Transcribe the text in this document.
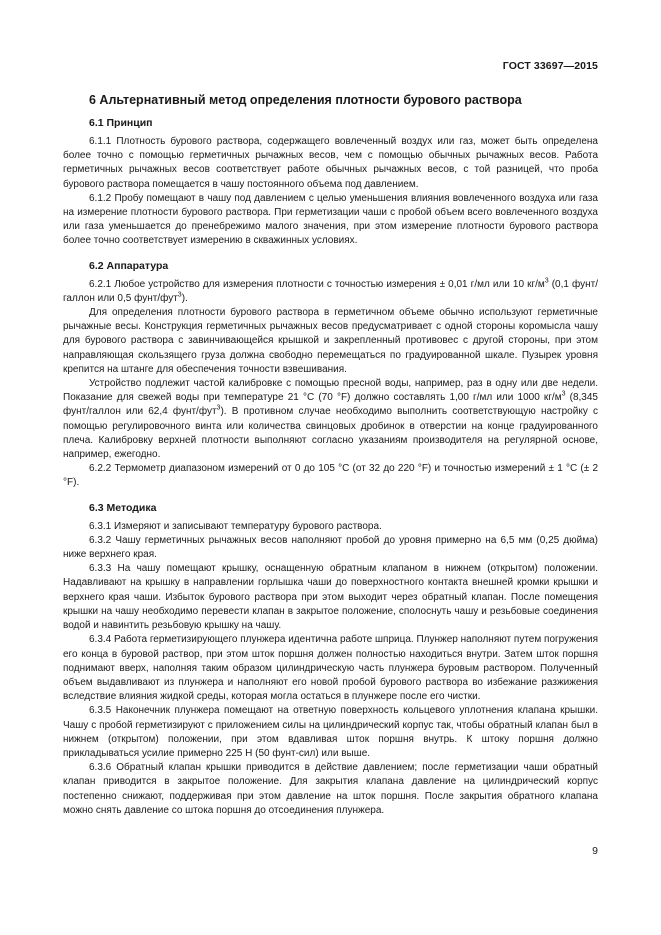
ГОСТ 33697—2015
6 Альтернативный метод определения плотности бурового раствора
6.1 Принцип

6.1.1 Плотность бурового раствора, содержащего вовлеченный воздух или газ, может быть определена более точно с помощью герметичных рычажных весов, чем с помощью обычных рычажных весов. Работа герметичных рычажных весов соответствует работе обычных рычажных весов, с той разницей, что проба бурового раствора помещается в чашу постоянного объема под давлением.

6.1.2 Пробу помещают в чашу под давлением с целью уменьшения влияния вовлеченного воздуха или газа на измерение плотности бурового раствора. При герметизации чаши с пробой объем всего вовлеченного воздуха или газа уменьшается до пренебрежимо малого значения, при этом измерение плотности бурового раствора более точно соответствует измерению в скважинных условиях.

6.2 Аппаратура

6.2.1 Любое устройство для измерения плотности с точностью измерения ± 0,01 г/мл или 10 $кг/м^3$ (0,1 фунт/галлон или 0,5 фунт/фут$^3$).

Для определения плотности бурового раствора в герметичном объеме обычно используют герметичные рычажные весы. Конструкция герметичных рычажных весов предусматривает с одной стороны коромысла чашу для бурового раствора с завинчивающейся крышкой и закрепленный противовес с другой стороны, при этом направляющая скользящего груза должна свободно перемещаться по градуированной шкале. Пузырек уровня крепится на штанге для обеспечения точности взвешивания.

Устройство подлежит частой калибровке с помощью пресной воды, например, раз в одну или две недели. Показание для свежей воды при температуре 21 °С (70 °F) должно составлять 1,00 г/мл или 1000 $кг/м^3$ (8,345 фунт/галлон или 62,4 фунт/фут$^3$). В противном случае необходимо выполнить соответствующую настройку с помощью регулировочного винта или количества свинцовых дробинок в отверстии на конце градуированного плеча. Калибровку верхней плотности выполняют согласно указаниям производителя на регулярной основе, например, ежегодно.

6.2.2 Термометр диапазоном измерений от 0 до 105 °С (от 32 до 220 °F) и точностью измерений ± 1 °С (± 2 °F).

6.3 Методика

6.3.1 Измеряют и записывают температуру бурового раствора.

6.3.2 Чашу герметичных рычажных весов наполняют пробой до уровня примерно на 6,5 мм (0,25 дюйма) ниже верхнего края.

6.3.3 На чашу помещают крышку, оснащенную обратным клапаном в нижнем (открытом) положении. Надавливают на крышку в направлении горлышка чаши до поверхностного контакта внешней кромки крышки и верхнего края чаши. Избыток бурового раствора при этом выходит через обратный клапан. После помещения крышки на чашу необходимо перевести клапан в закрытое положение, сполоснуть чашу и резьбовые соединения водой и навинтить резьбовую крышку на чашу.

6.3.4 Работа герметизирующего плунжера идентична работе шприца. Плунжер наполняют путем погружения его конца в буровой раствор, при этом шток поршня должен полностью находиться внутри. Затем шток поршня поднимают вверх, наполняя таким образом цилиндрическую часть плунжера буровым раствором. Полученный объем выдавливают из плунжера и наполняют его новой пробой бурового раствора во избежание разжижения вследствие влияния жидкой среды, которая могла остаться в плунжере после его чистки.

6.3.5 Наконечник плунжера помещают на ответную поверхность кольцевого уплотнения клапана крышки. Чашу с пробой герметизируют с приложением силы на цилиндрический корпус так, чтобы обратный клапан был в нижнем (открытом) положении, при этом вдавливая шток поршня внутрь. К штоку поршня должно прикладываться усилие примерно 225 Н (50 фунт-сил) или выше.

6.3.6 Обратный клапан крышки приводится в действие давлением; после герметизации чаши обратный клапан приводится в закрытое положение. Для закрытия клапана давление на цилиндрический корпус постепенно снижают, поддерживая при этом давление на шток поршня. После закрытия обратного клапана можно снять давление со штока поршня до отсоединения плунжера.

9
